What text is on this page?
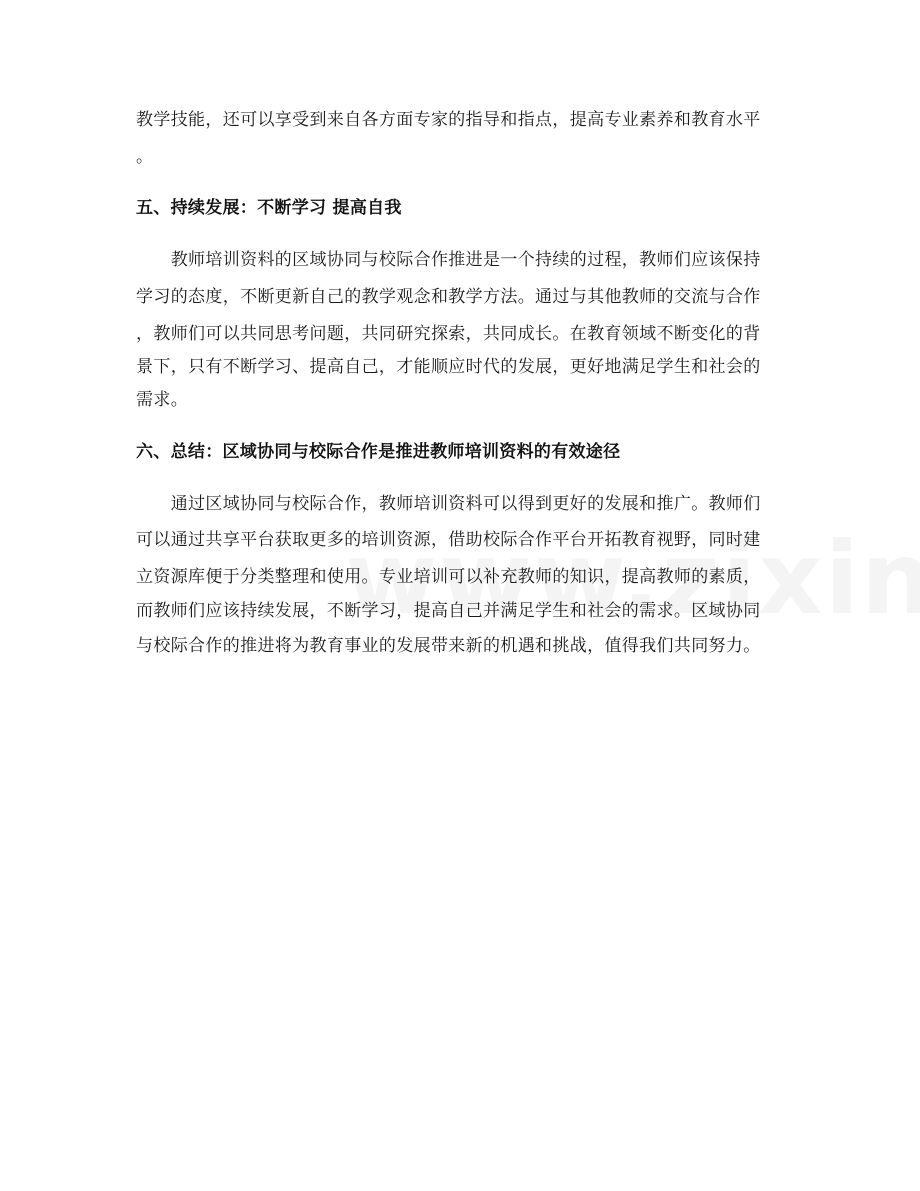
教学技能，还可以享受到来自各方面专家的指导和指点，提高专业素养和教育水平
。
五、持续发展：不断学习 提高自我
　　教师培训资料的区域协同与校际合作推进是一个持续的过程，教师们应该保持
学习的态度，不断更新自己的教学观念和教学方法。通过与其他教师的交流与合作
，教师们可以共同思考问题，共同研究探索，共同成长。在教育领域不断变化的背
景下，只有不断学习、提高自己，才能顺应时代的发展，更好地满足学生和社会的
需求。
六、总结：区域协同与校际合作是推进教师培训资料的有效途径
　　通过区域协同与校际合作，教师培训资料可以得到更好的发展和推广。教师们
可以通过共享平台获取更多的培训资源，借助校际合作平台开拓教育视野，同时建
立资源库便于分类整理和使用。专业培训可以补充教师的知识，提高教师的素质，
而教师们应该持续发展，不断学习，提高自己并满足学生和社会的需求。区域协同
与校际合作的推进将为教育事业的发展带来新的机遇和挑战，值得我们共同努力。
